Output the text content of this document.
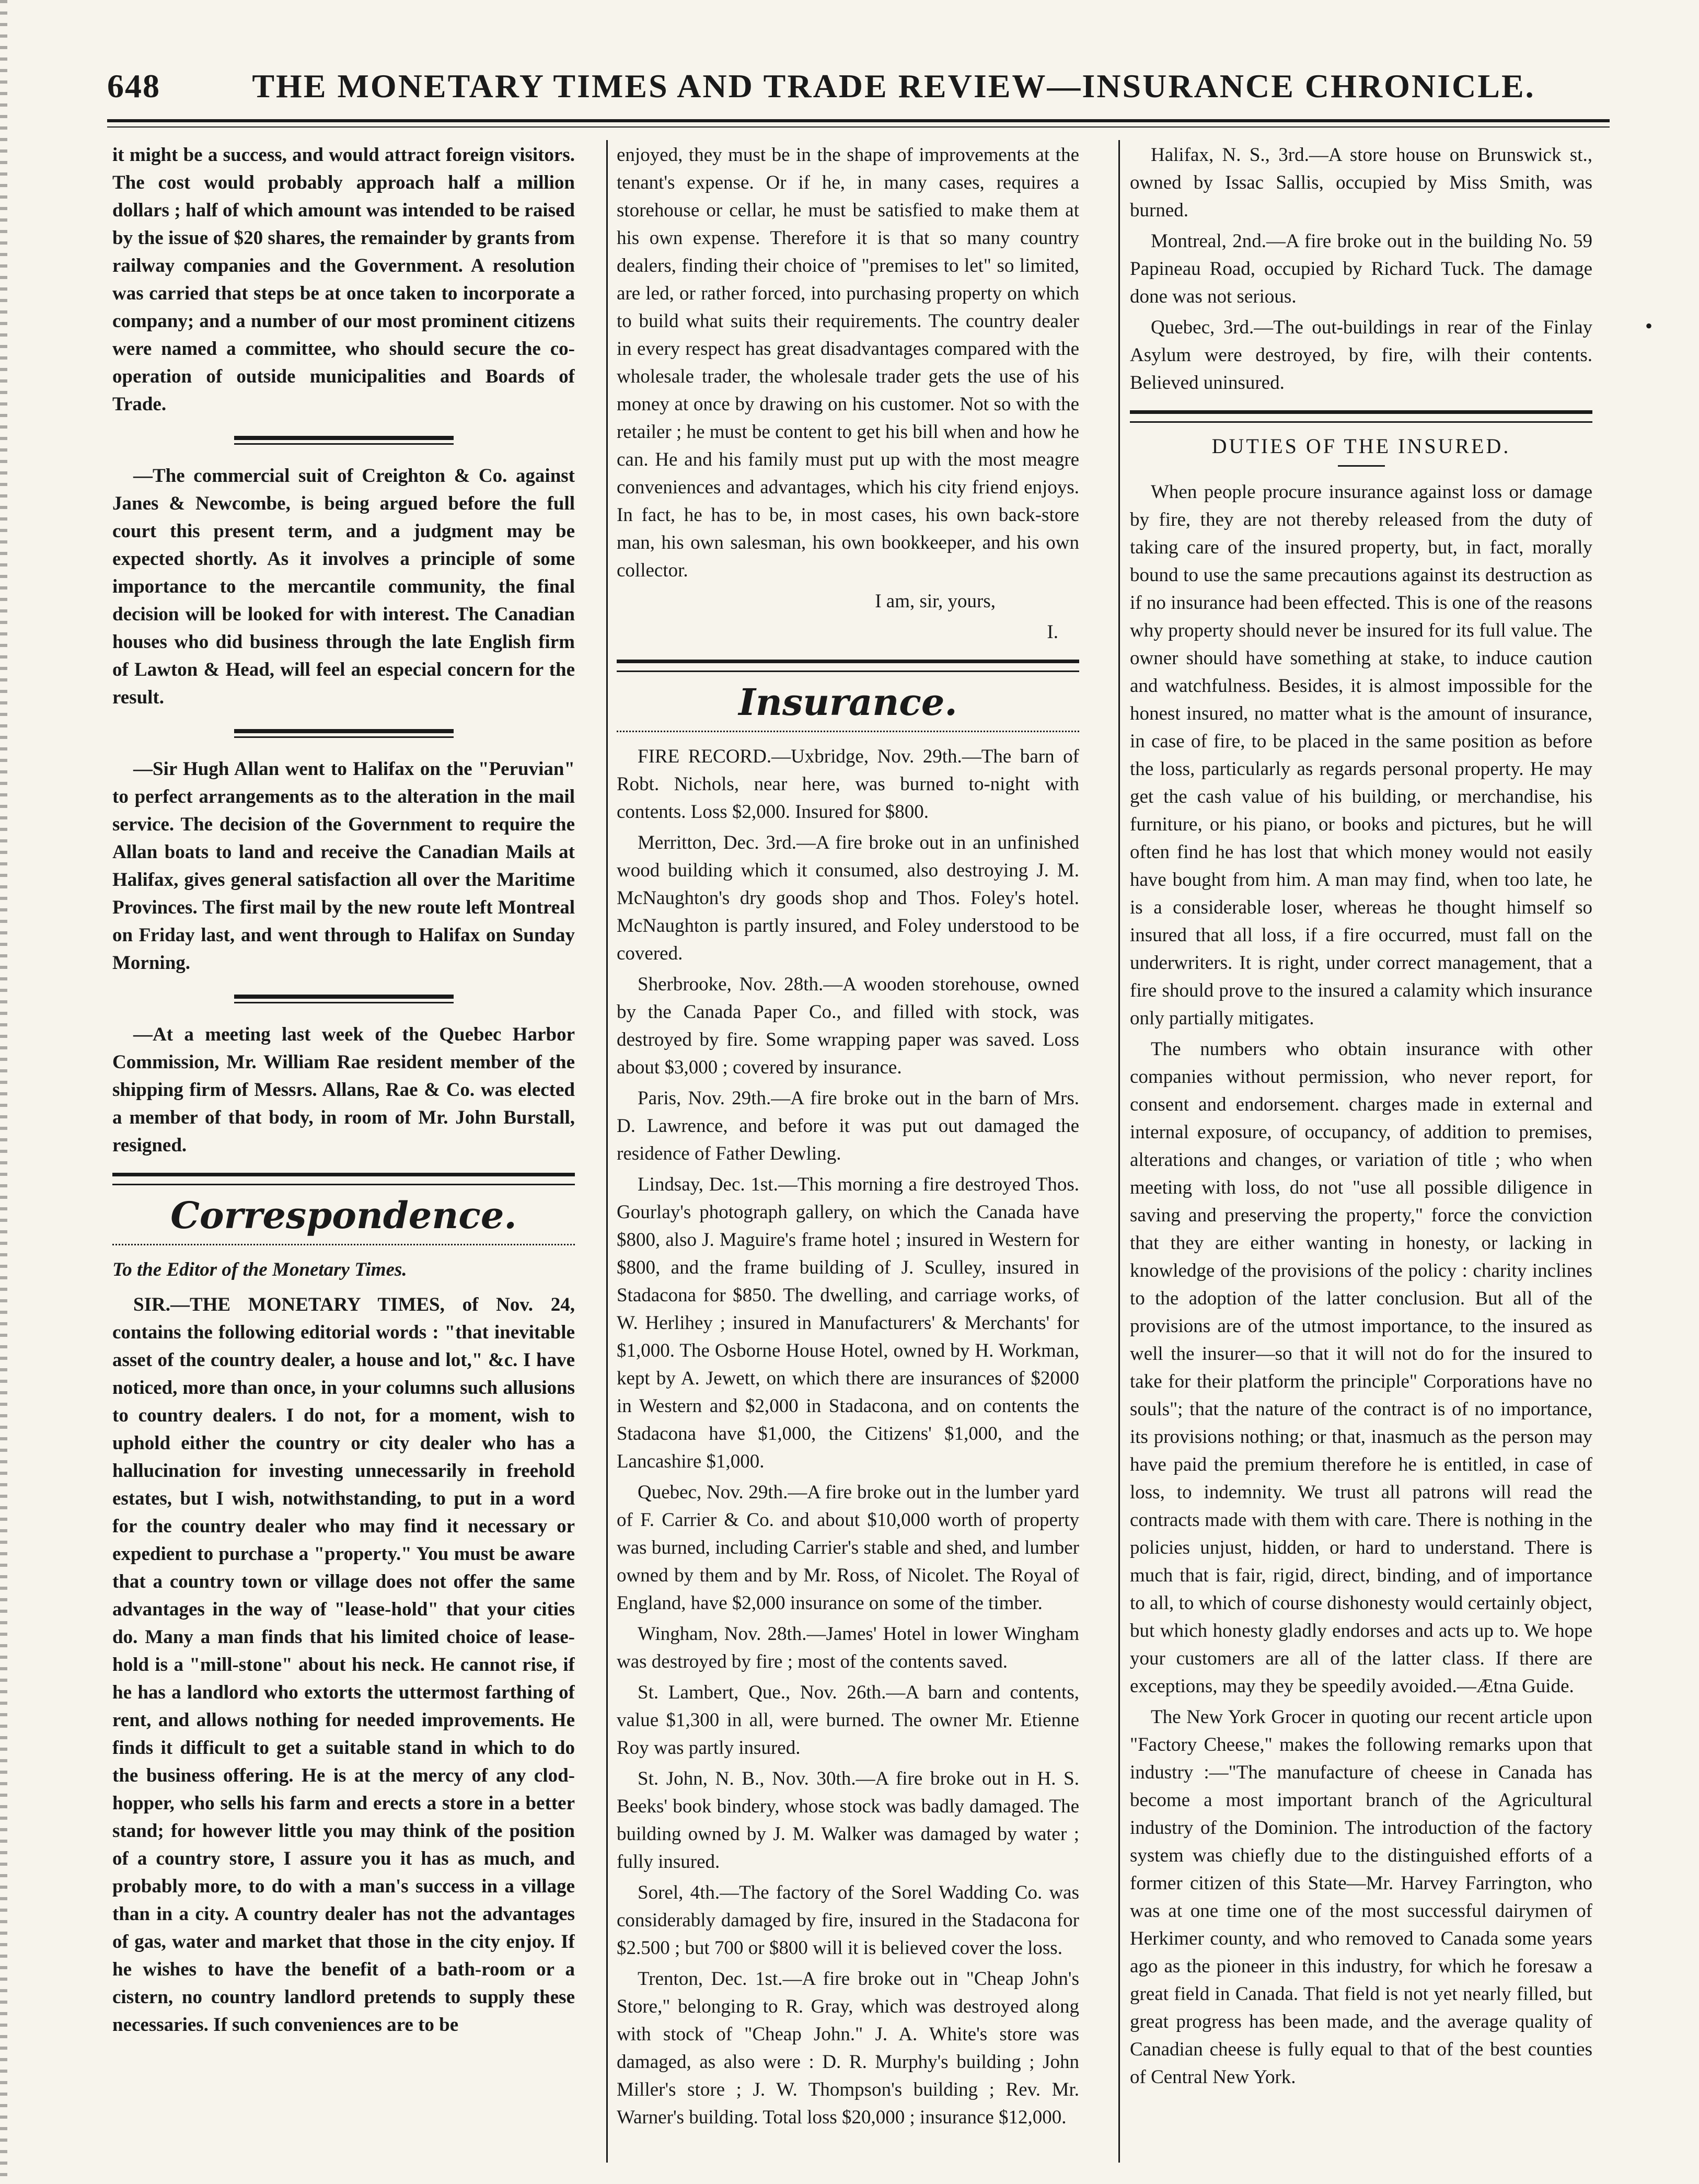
648	THE MONETARY TIMES AND TRADE REVIEW—INSURANCE CHRONICLE.

it might be a success, and would attract foreign visitors. The cost would probably approach half a million dollars ; half of which amount was intended to be raised by the issue of $20 shares, the remainder by grants from railway companies and the Government. A resolution was carried that steps be at once taken to incorporate a company; and a number of our most prominent citizens were named a committee, who should secure the co-operation of outside municipalities and Boards of Trade.

—The commercial suit of Creighton & Co. against Janes & Newcombe, is being argued before the full court this present term, and a judgment may be expected shortly. As it involves a principle of some importance to the mercantile community, the final decision will be looked for with interest. The Canadian houses who did business through the late English firm of Lawton & Head, will feel an especial concern for the result.

—Sir Hugh Allan went to Halifax on the "Peruvian" to perfect arrangements as to the alteration in the mail service. The decision of the Government to require the Allan boats to land and receive the Canadian Mails at Halifax, gives general satisfaction all over the Maritime Provinces. The first mail by the new route left Montreal on Friday last, and went through to Halifax on Sunday Morning.

—At a meeting last week of the Quebec Harbor Commission, Mr. William Rae resident member of the shipping firm of Messrs. Allans, Rae & Co. was elected a member of that body, in room of Mr. John Burstall, resigned.

Correspondence.

To the Editor of the Monetary Times.

SIR.—THE MONETARY TIMES, of Nov. 24, contains the following editorial words : "that inevitable asset of the country dealer, a house and lot," &c. I have noticed, more than once, in your columns such allusions to country dealers. I do not, for a moment, wish to uphold either the country or city dealer who has a hallucination for investing unnecessarily in freehold estates, but I wish, notwithstanding, to put in a word for the country dealer who may find it necessary or expedient to purchase a "property." You must be aware that a country town or village does not offer the same advantages in the way of "lease-hold" that your cities do. Many a man finds that his limited choice of lease-hold is a "mill-stone" about his neck. He cannot rise, if he has a landlord who extorts the uttermost farthing of rent, and allows nothing for needed improvements. He finds it difficult to get a suitable stand in which to do the business offering. He is at the mercy of any clod-hopper, who sells his farm and erects a store in a better stand; for however little you may think of the position of a country store, I assure you it has as much, and probably more, to do with a man's success in a village than in a city. A country dealer has not the advantages of gas, water and market that those in the city enjoy. If he wishes to have the benefit of a bath-room or a cistern, no country landlord pretends to supply these necessaries. If such conveniences are to be

enjoyed, they must be in the shape of improvements at the tenant's expense. Or if he, in many cases, requires a storehouse or cellar, he must be satisfied to make them at his own expense. Therefore it is that so many country dealers, finding their choice of "premises to let" so limited, are led, or rather forced, into purchasing property on which to build what suits their requirements. The country dealer in every respect has great disadvantages compared with the wholesale trader, the wholesale trader gets the use of his money at once by drawing on his customer. Not so with the retailer ; he must be content to get his bill when and how he can. He and his family must put up with the most meagre conveniences and advantages, which his city friend enjoys. In fact, he has to be, in most cases, his own back-store man, his own salesman, his own bookkeeper, and his own collector.

I am, sir, yours,

I.

Insurance.

FIRE RECORD.—Uxbridge, Nov. 29th.—The barn of Robt. Nichols, near here, was burned to-night with contents. Loss $2,000. Insured for $800.

Merritton, Dec. 3rd.—A fire broke out in an unfinished wood building which it consumed, also destroying J. M. McNaughton's dry goods shop and Thos. Foley's hotel. McNaughton is partly insured, and Foley understood to be covered.

Sherbrooke, Nov. 28th.—A wooden storehouse, owned by the Canada Paper Co., and filled with stock, was destroyed by fire. Some wrapping paper was saved. Loss about $3,000 ; covered by insurance.

Paris, Nov. 29th.—A fire broke out in the barn of Mrs. D. Lawrence, and before it was put out damaged the residence of Father Dewling.

Lindsay, Dec. 1st.—This morning a fire destroyed Thos. Gourlay's photograph gallery, on which the Canada have $800, also J. Maguire's frame hotel ; insured in Western for $800, and the frame building of J. Sculley, insured in Stadacona for $850. The dwelling, and carriage works, of W. Herlihey ; insured in Manufacturers' & Merchants' for $1,000. The Osborne House Hotel, owned by H. Workman, kept by A. Jewett, on which there are insurances of $2000 in Western and $2,000 in Stadacona, and on contents the Stadacona have $1,000, the Citizens' $1,000, and the Lancashire $1,000.

Quebec, Nov. 29th.—A fire broke out in the lumber yard of F. Carrier & Co. and about $10,000 worth of property was burned, including Carrier's stable and shed, and lumber owned by them and by Mr. Ross, of Nicolet. The Royal of England, have $2,000 insurance on some of the timber.

Wingham, Nov. 28th.—James' Hotel in lower Wingham was destroyed by fire ; most of the contents saved.

St. Lambert, Que., Nov. 26th.—A barn and contents, value $1,300 in all, were burned. The owner Mr. Etienne Roy was partly insured.

St. John, N. B., Nov. 30th.—A fire broke out in H. S. Beeks' book bindery, whose stock was badly damaged. The building owned by J. M. Walker was damaged by water ; fully insured.

Sorel, 4th.—The factory of the Sorel Wadding Co. was considerably damaged by fire, insured in the Stadacona for $2.500 ; but 700 or $800 will it is believed cover the loss.

Trenton, Dec. 1st.—A fire broke out in "Cheap John's Store," belonging to R. Gray, which was destroyed along with stock of "Cheap John." J. A. White's store was damaged, as also were : D. R. Murphy's building ; John Miller's store ; J. W. Thompson's building ; Rev. Mr. Warner's building. Total loss $20,000 ; insurance $12,000.

Halifax, N. S., 3rd.—A store house on Brunswick st., owned by Issac Sallis, occupied by Miss Smith, was burned.

Montreal, 2nd.—A fire broke out in the building No. 59 Papineau Road, occupied by Richard Tuck. The damage done was not serious.

Quebec, 3rd.—The out-buildings in rear of the Finlay Asylum were destroyed, by fire, wilh their contents. Believed uninsured.

DUTIES OF THE INSURED.

When people procure insurance against loss or damage by fire, they are not thereby released from the duty of taking care of the insured property, but, in fact, morally bound to use the same precautions against its destruction as if no insurance had been effected. This is one of the reasons why property should never be insured for its full value. The owner should have something at stake, to induce caution and watchfulness. Besides, it is almost impossible for the honest insured, no matter what is the amount of insurance, in case of fire, to be placed in the same position as before the loss, particularly as regards personal property. He may get the cash value of his building, or merchandise, his furniture, or his piano, or books and pictures, but he will often find he has lost that which money would not easily have bought from him. A man may find, when too late, he is a considerable loser, whereas he thought himself so insured that all loss, if a fire occurred, must fall on the underwriters. It is right, under correct management, that a fire should prove to the insured a calamity which insurance only partially mitigates.

The numbers who obtain insurance with other companies without permission, who never report, for consent and endorsement. charges made in external and internal exposure, of occupancy, of addition to premises, alterations and changes, or variation of title ; who when meeting with loss, do not "use all possible diligence in saving and preserving the property," force the conviction that they are either wanting in honesty, or lacking in knowledge of the provisions of the policy : charity inclines to the adoption of the latter conclusion. But all of the provisions are of the utmost importance, to the insured as well the insurer—so that it will not do for the insured to take for their platform the principle" Corporations have no souls"; that the nature of the contract is of no importance, its provisions nothing; or that, inasmuch as the person may have paid the premium therefore he is entitled, in case of loss, to indemnity. We trust all patrons will read the contracts made with them with care. There is nothing in the policies unjust, hidden, or hard to understand. There is much that is fair, rigid, direct, binding, and of importance to all, to which of course dishonesty would certainly object, but which honesty gladly endorses and acts up to. We hope your customers are all of the latter class. If there are exceptions, may they be speedily avoided.—Ætna Guide.

The New York Grocer in quoting our recent article upon "Factory Cheese," makes the following remarks upon that industry :—"The manufacture of cheese in Canada has become a most important branch of the Agricultural industry of the Dominion. The introduction of the factory system was chiefly due to the distinguished efforts of a former citizen of this State—Mr. Harvey Farrington, who was at one time one of the most successful dairymen of Herkimer county, and who removed to Canada some years ago as the pioneer in this industry, for which he foresaw a great field in Canada. That field is not yet nearly filled, but great progress has been made, and the average quality of Canadian cheese is fully equal to that of the best counties of Central New York.

•
